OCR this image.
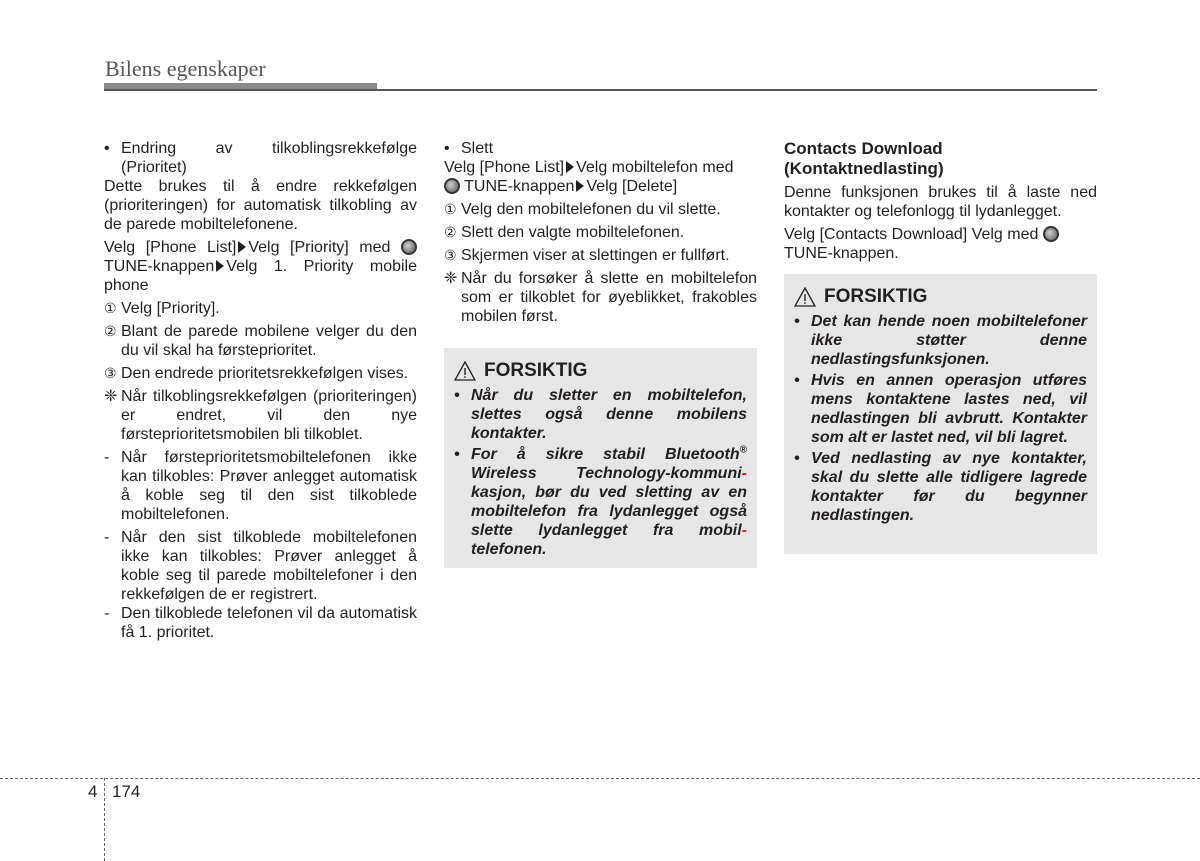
Bilens egenskaper
• Endring av tilkoblingsrekkefølge (Prioritet)

Dette brukes til å endre rekkefølgen (prioriteringen) for automatisk tilkobling av de parede mobiltelefonene.

Velg [Phone List] Velg [Priority] med  TUNE-knappen Velg 1. Priority mobile phone

① Velg [Priority].
② Blant de parede mobilene velger du den du vil skal ha førsteprioritet.
③ Den endrede prioritetsrekkefølgen vises.
❈ Når tilkoblingsrekkefølgen (prioriteringen) er endret, vil den nye førsteprioritetsmobilen bli tilkoblet.
- Når førsteprioritetsmobiltelefonen ikke kan tilkobles: Prøver anlegget automatisk å koble seg til den sist tilkoblede mobiltelefonen.
- Når den sist tilkoblede mobiltelefonen ikke kan tilkobles: Prøver anlegget å koble seg til parede mobiltelefoner i den rekkefølgen de er registrert.
- Den tilkoblede telefonen vil da automatisk få 1. prioritet.
• Slett

Velg [Phone List] Velg mobiltelefon med
TUNE-knappen Velg [Delete]

① Velg den mobiltelefonen du vil slette.
② Slett den valgte mobiltelefonen.
③ Skjermen viser at slettingen er fullført.
❈ Når du forsøker å slette en mobiltelefon som er tilkoblet for øyeblikket, frakobles mobilen først.
FORSIKTIG
• Når du sletter en mobiltelefon, slettes også denne mobilens kontakter.
• For å sikre stabil Bluetooth® Wireless Technology-kommuni- kasjon, bør du ved sletting av en mobiltelefon fra lydanlegget også slette lydanlegget fra mobil- telefonen.
Contacts Download
(Kontaktnedlasting)

Denne funksjonen brukes til å laste ned kontakter og telefonlogg til lydanlegget.

Velg [Contacts Download] Velg med
TUNE-knappen.

FORSIKTIG
• Det kan hende noen mobiltelefoner ikke støtter denne nedlastingsfunksjonen.
• Hvis en annen operasjon utføres mens kontaktene lastes ned, vil nedlastingen bli avbrutt. Kontakter som alt er lastet ned, vil bli lagret.
• Ved nedlasting av nye kontakter, skal du slette alle tidligere lagrede kontakter før du begynner nedlastingen.
4 174
